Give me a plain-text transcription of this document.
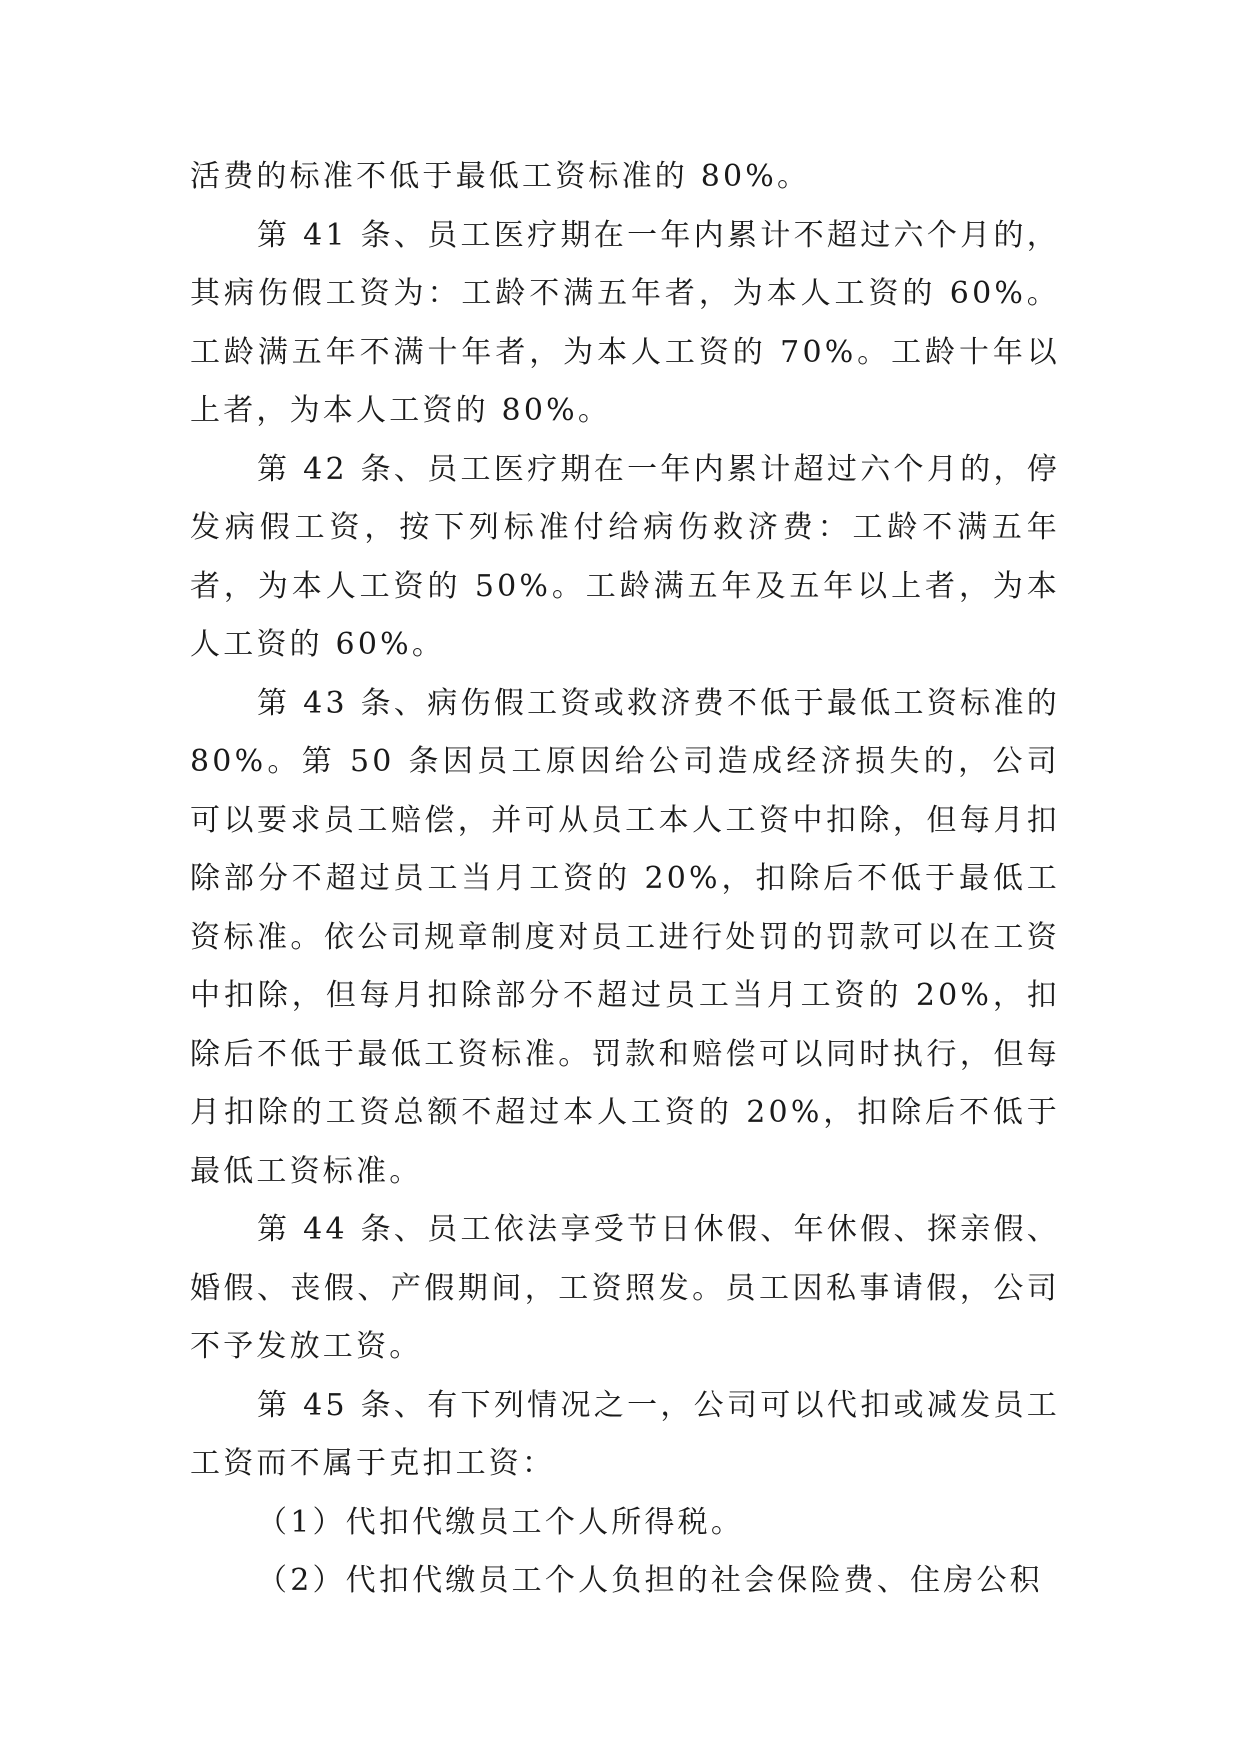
活费的标准不低于最低工资标准的 80%。

第 41 条、员工医疗期在一年内累计不超过六个月的，其病伤假工资为：工龄不满五年者，为本人工资的 60%。工龄满五年不满十年者，为本人工资的 70%。工龄十年以上者，为本人工资的 80%。

第 42 条、员工医疗期在一年内累计超过六个月的，停发病假工资，按下列标准付给病伤救济费：工龄不满五年者，为本人工资的 50%。工龄满五年及五年以上者，为本人工资的 60%。

第 43 条、病伤假工资或救济费不低于最低工资标准的 80%。第 50 条因员工原因给公司造成经济损失的，公司可以要求员工赔偿，并可从员工本人工资中扣除，但每月扣除部分不超过员工当月工资的 20%，扣除后不低于最低工资标准。依公司规章制度对员工进行处罚的罚款可以在工资中扣除，但每月扣除部分不超过员工当月工资的 20%，扣除后不低于最低工资标准。罚款和赔偿可以同时执行，但每月扣除的工资总额不超过本人工资的 20%，扣除后不低于最低工资标准。

第 44 条、员工依法享受节日休假、年休假、探亲假、婚假、丧假、产假期间，工资照发。员工因私事请假，公司不予发放工资。

第 45 条、有下列情况之一，公司可以代扣或减发员工工资而不属于克扣工资：

（1）代扣代缴员工个人所得税。

（2）代扣代缴员工个人负担的社会保险费、住房公积
